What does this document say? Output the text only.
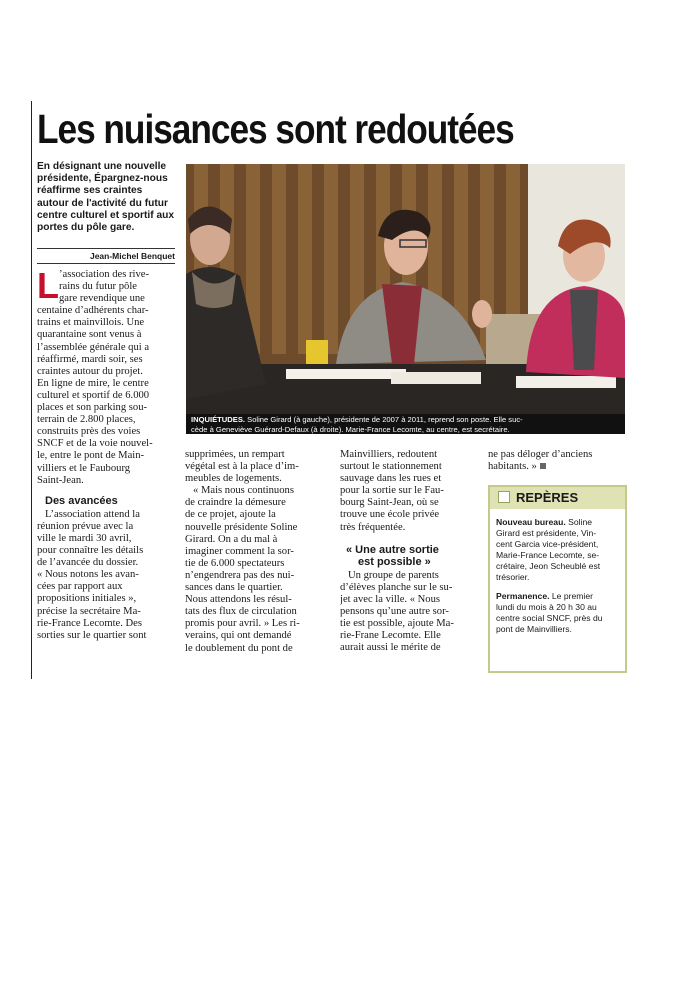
Les nuisances sont redoutées
En désignant une nouvelle
présidente, Épargnez-nous
réaffirme ses craintes
autour de l'activité du futur
centre culturel et sportif aux
portes du pôle gare.
Jean-Michel Benquet
L ’association des rive-
rains du futur pôle
gare revendique une
centaine d’adhérents char-
trains et mainvillois. Une
quarantaine sont venus à
l’assemblée générale qui a
réaffirmé, mardi soir, ses
craintes autour du projet.
En ligne de mire, le centre
culturel et sportif de 6.000
places et son parking sou-
terrain de 2.800 places,
construits près des voies
SNCF et de la voie nouvel-
le, entre le pont de Main-
villiers et le Faubourg
Saint-Jean.
Des avancées
L’association attend la
réunion prévue avec la
ville le mardi 30 avril,
pour connaître les détails
de l’avancée du dossier.
« Nous notons les avan-
cées par rapport aux
propositions initiales »,
précise la secrétaire Ma-
rie-France Lecomte. Des
sorties sur le quartier sont
INQUIÉTUDES. Soline Girard (à gauche), présidente de 2007 à 2011, reprend son poste. Elle suc-
cède à Geneviève Guérard-Defaux (à droite). Marie-France Lecomte, au centre, est secrétaire.
supprimées, un rempart
végétal est à la place d’im-
meubles de logements.
« Mais nous continuons
de craindre la démesure
de ce projet, ajoute la
nouvelle présidente Soline
Girard. On a du mal à
imaginer comment la sor-
tie de 6.000 spectateurs
n’engendrera pas des nui-
sances dans le quartier.
Nous attendons les résul-
tats des flux de circulation
promis pour avril. » Les ri-
verains, qui ont demandé
le doublement du pont de
Mainvilliers, redoutent
surtout le stationnement
sauvage dans les rues et
pour la sortie sur le Fau-
bourg Saint-Jean, où se
trouve une école privée
très fréquentée.
« Une autre sortie
est possible »
Un groupe de parents
d’élèves planche sur le su-
jet avec la ville. « Nous
pensons qu’une autre sor-
tie est possible, ajoute Ma-
rie-Frane Lecomte. Elle
aurait aussi le mérite de
ne pas déloger d’anciens
habitants. »
REPÈRES
Nouveau bureau. Soline
Girard est présidente, Vin-
cent Garcia vice-président,
Marie-France Lecomte, se-
crétaire, Jeon Scheublé est
trésorier.
Permanence. Le premier
lundi du mois à 20 h 30 au
centre social SNCF, près du
pont de Mainvilliers.
